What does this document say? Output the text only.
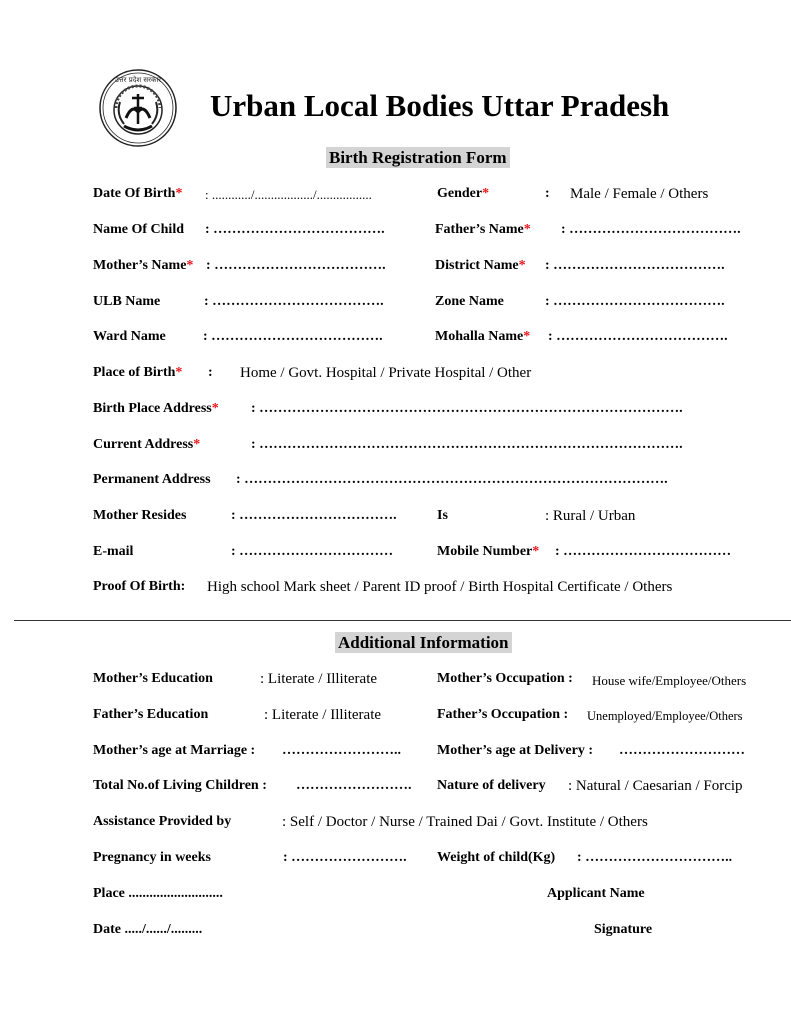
उत्तर प्रदेश सरकार
Urban Local Bodies Uttar Pradesh
Birth Registration Form
Date Of Birth* : ............/................../.................	Gender*	: Male / Female / Others
Name Of Child : ……………………………….	Father’s Name* : ……………………………….
Mother’s Name* : ……………………………….	District Name* : ……………………………….
ULB Name	: ……………………………….	Zone Name	: ……………………………….
Ward Name	: ……………………………….	Mohalla Name* : ……………………………….
Place of Birth* : Home / Govt. Hospital / Private Hospital / Other
Birth Place Address* : ……………………………………………………………………………….
Current Address*	: ……………………………………………………………………………….
Permanent Address : ……………………………………………………………………………….
Mother Resides	: …………………………….	Is	: Rural / Urban
E-mail	: ……………………………	Mobile Number* : ………………………………
Proof Of Birth: High school Mark sheet / Parent ID proof / Birth Hospital Certificate / Others
Additional Information
Mother’s Education	: Literate / Illiterate	Mother’s Occupation : House wife/Employee/Others
Father’s Education	: Literate / Illiterate	Father’s Occupation : Unemployed/Employee/Others
Mother’s age at Marriage : ……………………..	Mother’s age at Delivery : ………………………
Total No.of Living Children : ……………………. Nature of delivery : Natural / Caesarian / Forcip
Assistance Provided by	: Self / Doctor / Nurse / Trained Dai / Govt. Institute / Others
Pregnancy in weeks	: ……………………. Weight of child(Kg) : …………………………..
Place ...........................	Applicant Name
Date ...../....../.........	Signature
